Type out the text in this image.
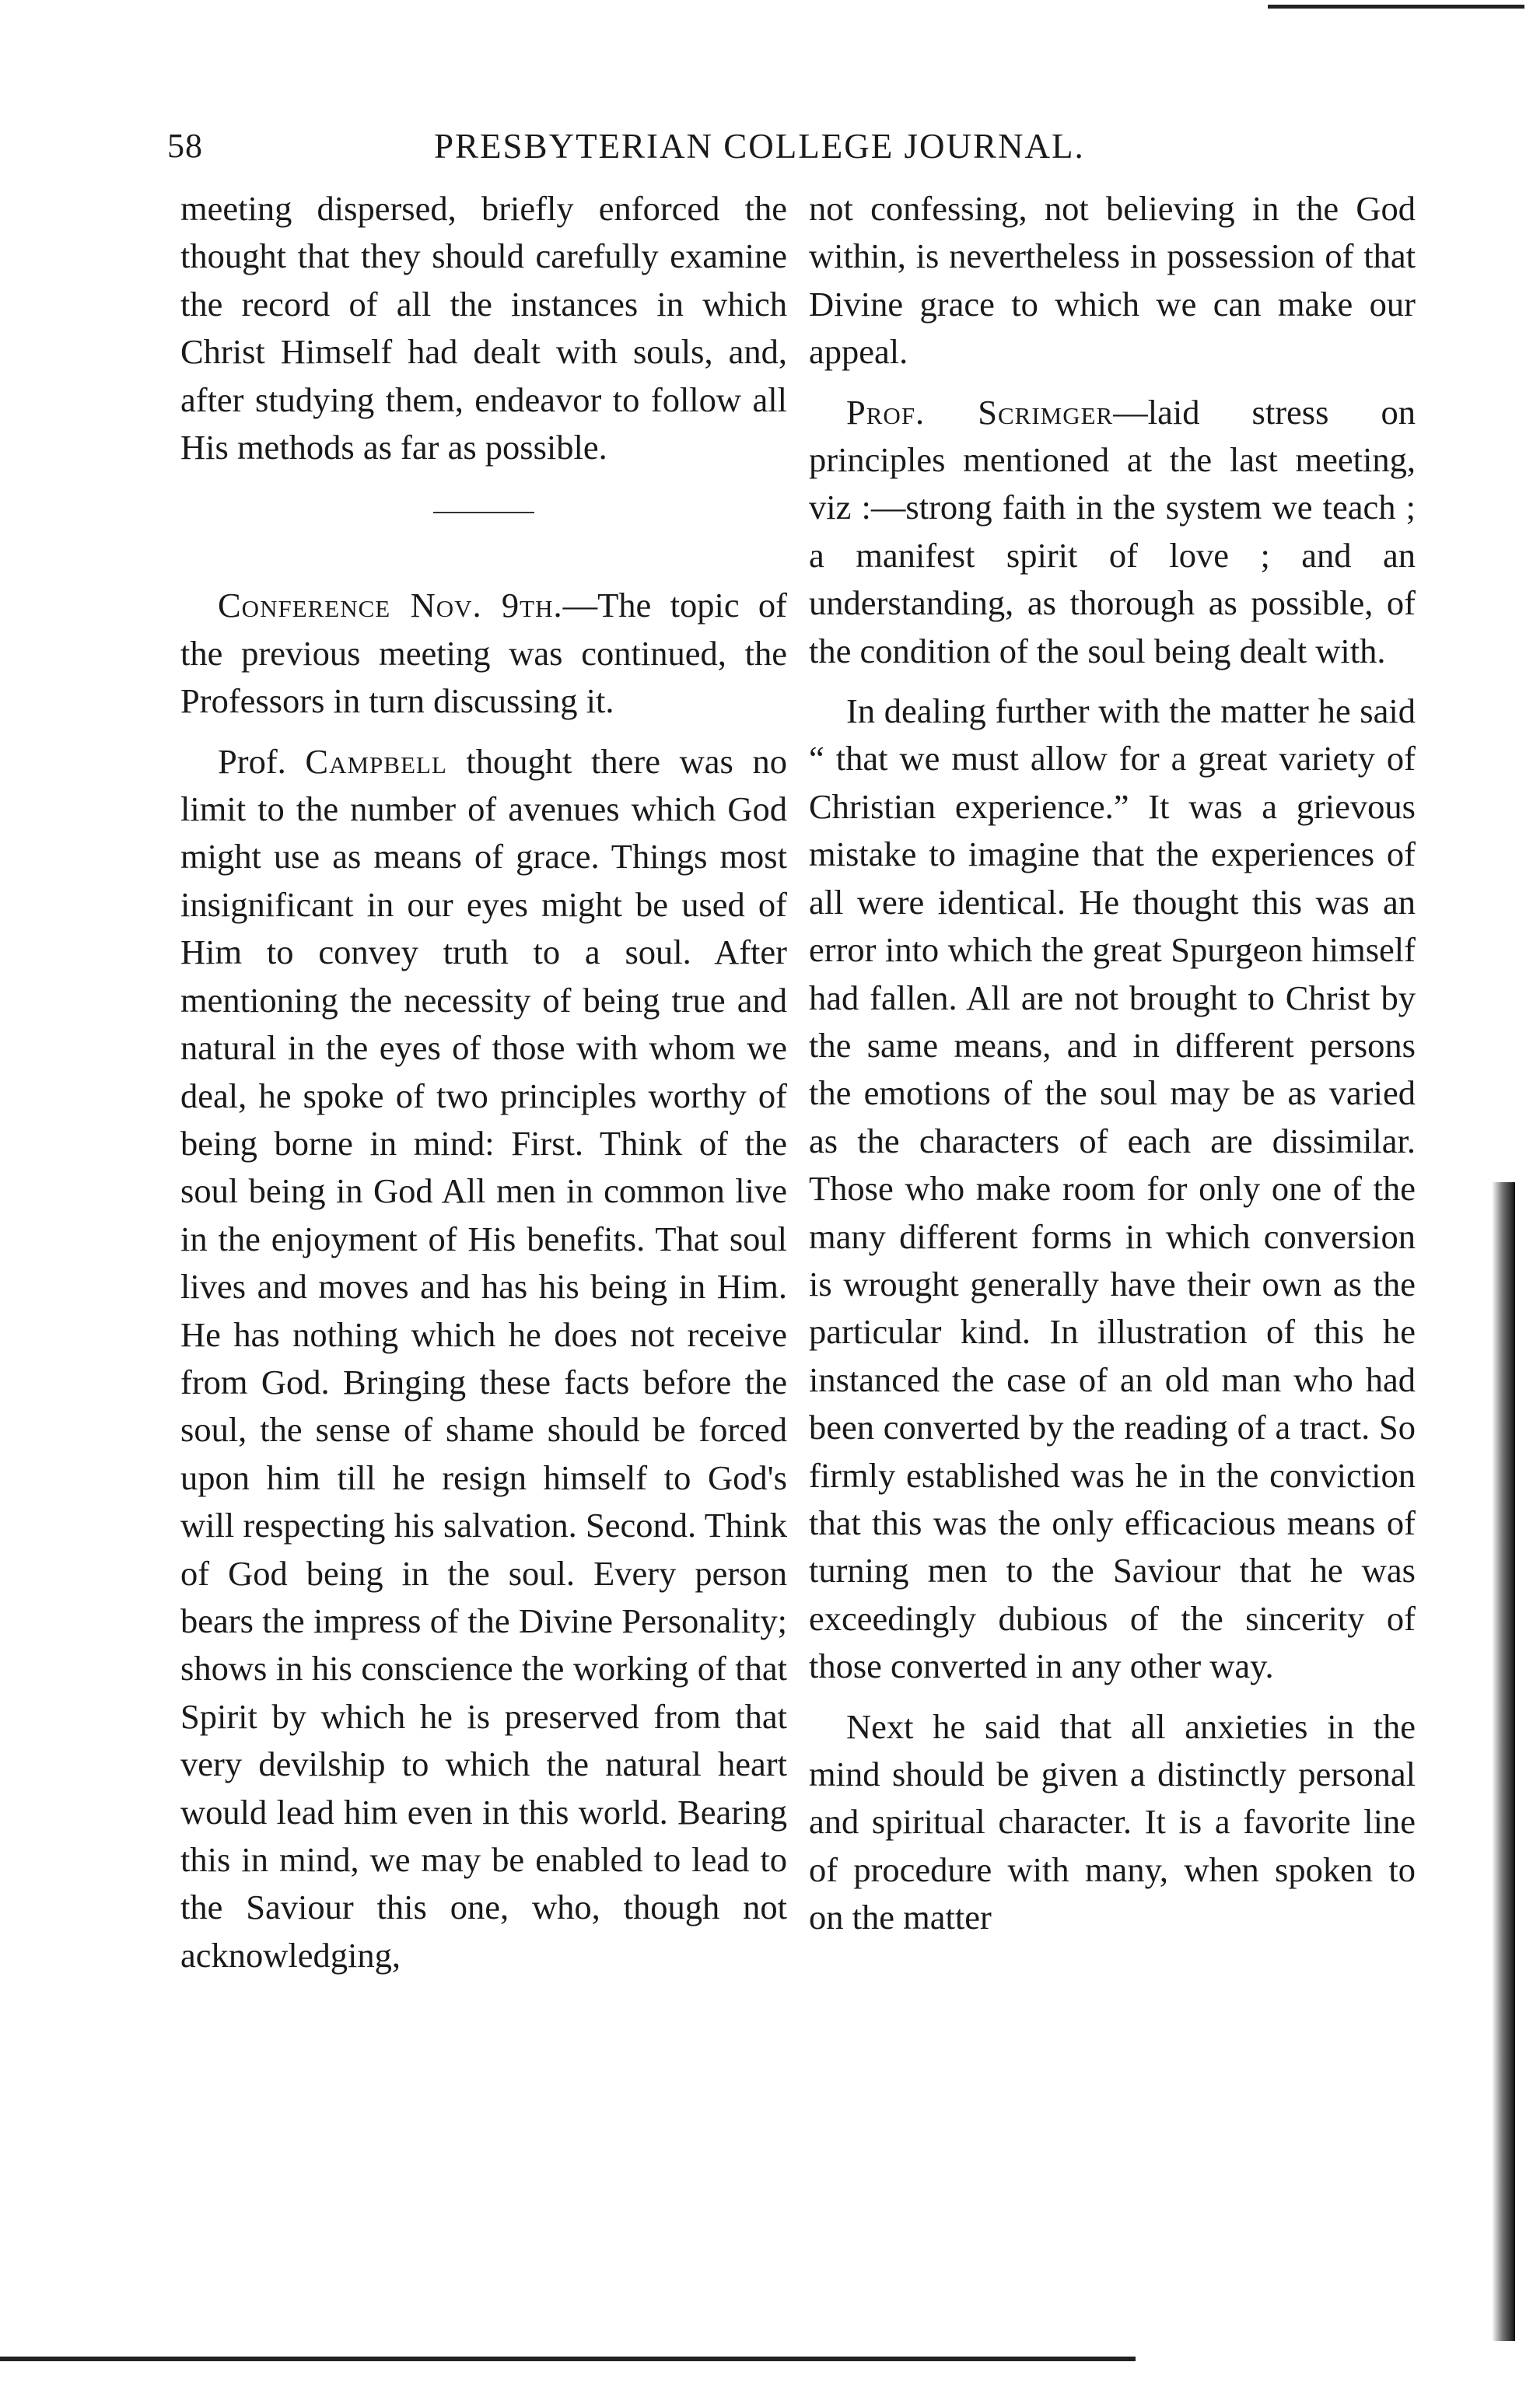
58	PRESBYTERIAN COLLEGE JOURNAL.

meeting dispersed, briefly enforced the thought that they should carefully examine the record of all the instances in which Christ Himself had dealt with souls, and, after studying them, endeavor to follow all His methods as far as possible.

Conference Nov. 9th.—The topic of the previous meeting was continued, the Professors in turn discussing it.

Prof. Campbell thought there was no limit to the number of avenues which God might use as means of grace. Things most insignificant in our eyes might be used of Him to convey truth to a soul. After mentioning the necessity of being true and natural in the eyes of those with whom we deal, he spoke of two principles worthy of being borne in mind: First. Think of the soul being in God All men in common live in the enjoyment of His benefits. That soul lives and moves and has his being in Him. He has nothing which he does not receive from God. Bringing these facts before the soul, the sense of shame should be forced upon him till he resign himself to God's will respecting his salvation. Second. Think of God being in the soul. Every person bears the impress of the Divine Personality; shows in his conscience the working of that Spirit by which he is preserved from that very devilship to which the natural heart would lead him even in this world. Bearing this in mind, we may be enabled to lead to the Saviour this one, who, though not acknowledging,

not confessing, not believing in the God within, is nevertheless in possession of that Divine grace to which we can make our appeal.

Prof. Scrimger—laid stress on principles mentioned at the last meeting, viz :—strong faith in the system we teach ; a manifest spirit of love ; and an understanding, as thorough as possible, of the condition of the soul being dealt with.

In dealing further with the matter he said “ that we must allow for a great variety of Christian experience.” It was a grievous mistake to imagine that the experiences of all were identical. He thought this was an error into which the great Spurgeon himself had fallen. All are not brought to Christ by the same means, and in different persons the emotions of the soul may be as varied as the characters of each are dissimilar. Those who make room for only one of the many different forms in which conversion is wrought generally have their own as the particular kind. In illustration of this he instanced the case of an old man who had been converted by the reading of a tract. So firmly established was he in the conviction that this was the only efficacious means of turning men to the Saviour that he was exceedingly dubious of the sincerity of those converted in any other way.

Next he said that all anxieties in the mind should be given a distinctly personal and spiritual character. It is a favorite line of procedure with many, when spoken to on the matter
